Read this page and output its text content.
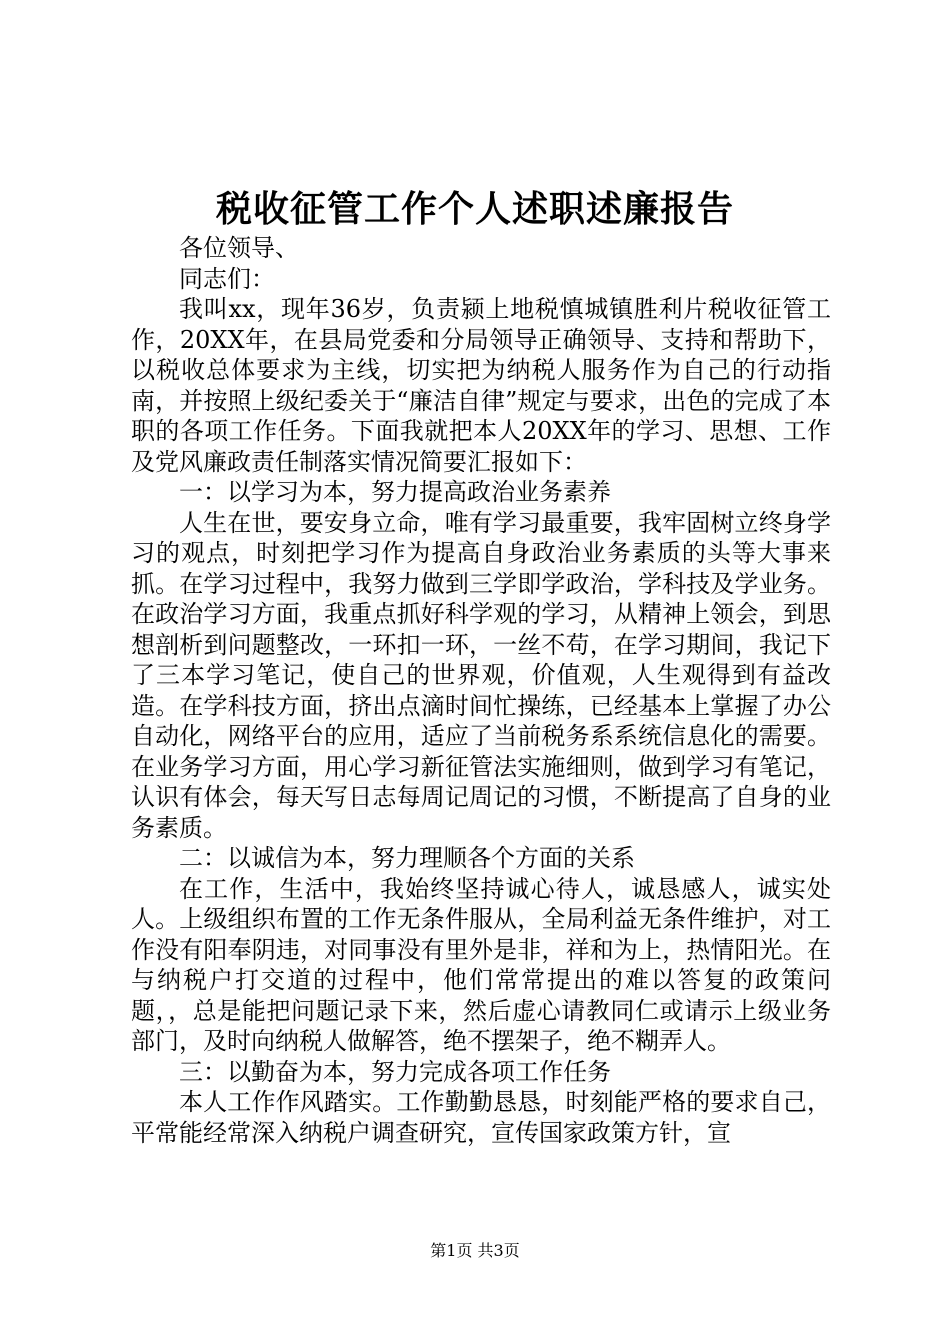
税收征管工作个人述职述廉报告

各位领导、

同志们：

我叫xx，现年36岁，负责颍上地税慎城镇胜利片税收征管工作，20XX年，在县局党委和分局领导正确领导、支持和帮助下，以税收总体要求为主线，切实把为纳税人服务作为自己的行动指南，并按照上级纪委关于“廉洁自律”规定与要求，出色的完成了本职的各项工作任务。下面我就把本人20XX年的学习、思想、工作及党风廉政责任制落实情况简要汇报如下：

一：以学习为本，努力提高政治业务素养

人生在世，要安身立命，唯有学习最重要，我牢固树立终身学习的观点，时刻把学习作为提高自身政治业务素质的头等大事来抓。在学习过程中，我努力做到三学即学政治，学科技及学业务。在政治学习方面，我重点抓好科学观的学习，从精神上领会，到思想剖析到问题整改，一环扣一环，一丝不苟，在学习期间，我记下了三本学习笔记，使自己的世界观，价值观，人生观得到有益改造。在学科技方面，挤出点滴时间忙操练，已经基本上掌握了办公自动化，网络平台的应用，适应了当前税务系系统信息化的需要。在业务学习方面，用心学习新征管法实施细则，做到学习有笔记，认识有体会，每天写日志每周记周记的习惯，不断提高了自身的业务素质。

二：以诚信为本，努力理顺各个方面的关系

在工作，生活中，我始终坚持诚心待人，诚恳感人，诚实处人。上级组织布置的工作无条件服从，全局利益无条件维护，对工作没有阳奉阴违，对同事没有里外是非，祥和为上，热情阳光。在与纳税户打交道的过程中，他们常常提出的难以答复的政策问题，，总是能把问题记录下来，然后虚心请教同仁或请示上级业务部门，及时向纳税人做解答，绝不摆架子，绝不糊弄人。

三：以勤奋为本，努力完成各项工作任务

本人工作作风踏实。工作勤勤恳恳，时刻能严格的要求自己，平常能经常深入纳税户调查研究，宣传国家政策方针，宣

第1页 共3页
